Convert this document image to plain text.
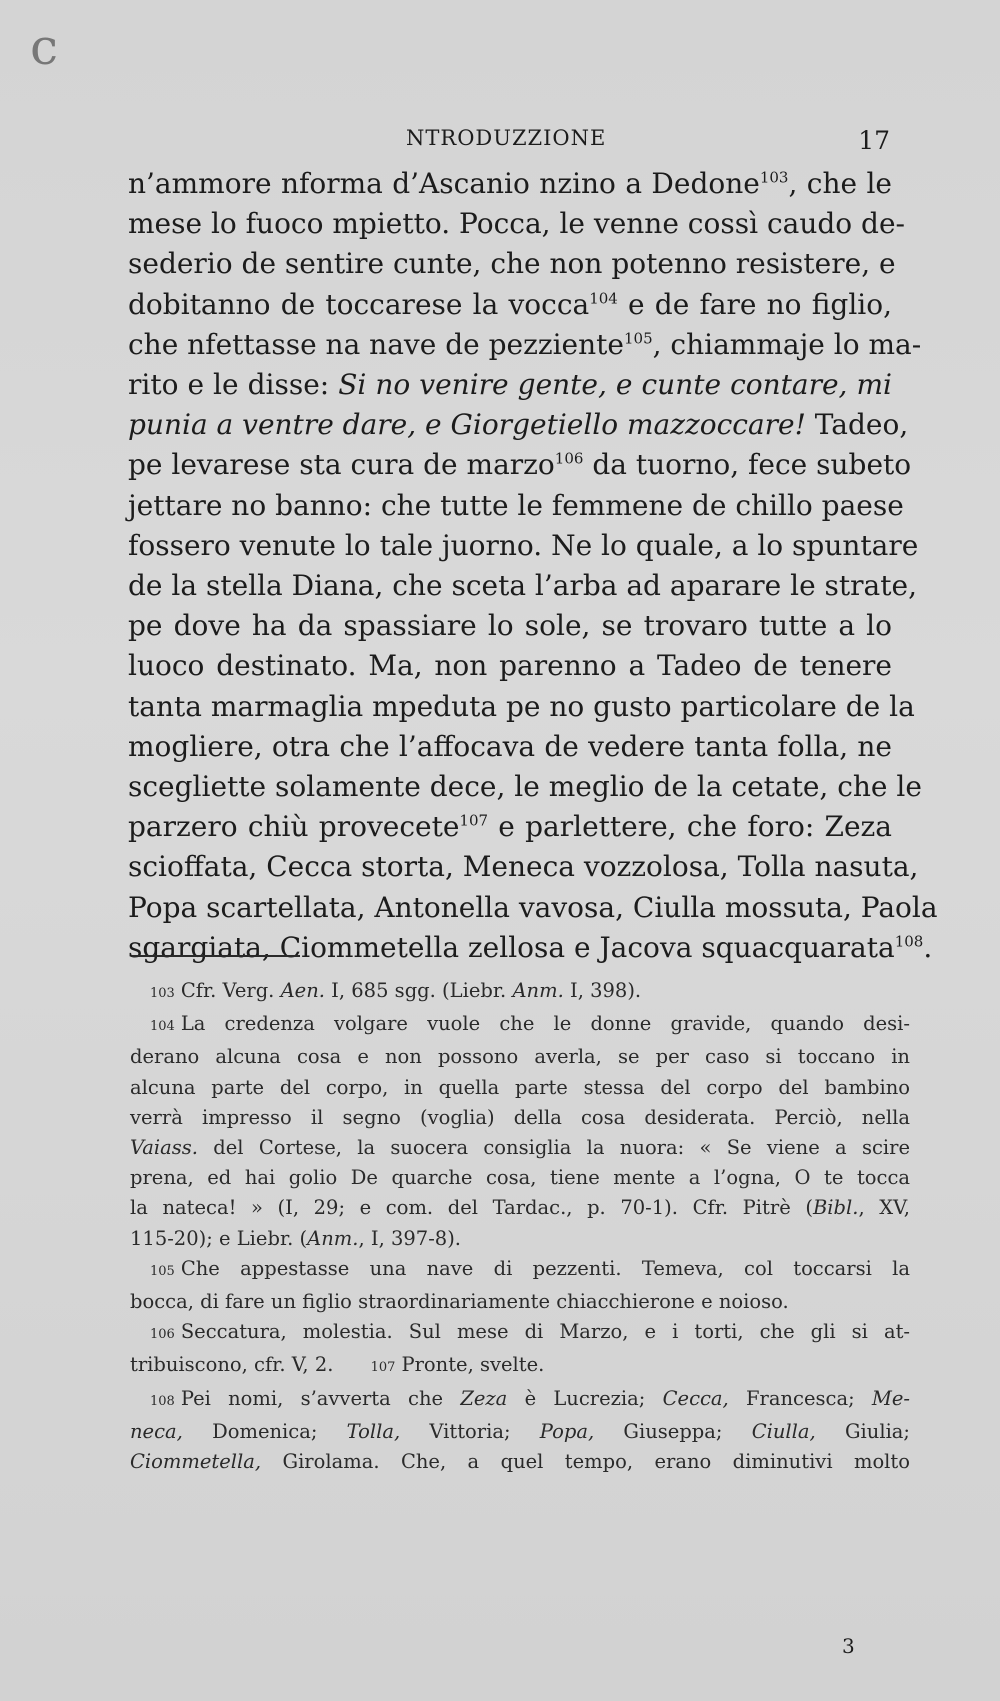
c
NTRODUZZIONE	17
n’ammore nforma d’Ascanio nzino a Dedone$^{103}$, che le
mese lo fuoco mpietto. Pocca, le venne cossì caudo de-
sederio de sentire cunte, che non potenno resistere, e
dobitanno de toccarese la vocca$^{104}$ e de fare no figlio,
che nfettasse na nave de pezziente$^{105}$, chiammaje lo ma-
rito e le disse: Si no venire gente, e cunte contare, mi
punia a ventre dare, e Giorgetiello mazzoccare! Tadeo,
pe levarese sta cura de marzo$^{106}$ da tuorno, fece subeto
jettare no banno: che tutte le femmene de chillo paese
fossero venute lo tale juorno. Ne lo quale, a lo spuntare
de la stella Diana, che sceta l’arba ad aparare le strate,
pe dove ha da spassiare lo sole, se trovaro tutte a lo
luoco destinato. Ma, non parenno a Tadeo de tenere
tanta marmaglia mpeduta pe no gusto particolare de la
mogliere, otra che l’affocava de vedere tanta folla, ne
scegliette solamente dece, le meglio de la cetate, che le
parzero chiù provecete$^{107}$ e parlettere, che foro: Zeza
scioffata, Cecca storta, Meneca vozzolosa, Tolla nasuta,
Popa scartellata, Antonella vavosa, Ciulla mossuta, Paola
sgargiata, Ciommetella zellosa e Jacova squacquarata$^{108}$.
103 Cfr. Verg. Aen. I, 685 sgg. (Liebr. Anm. I, 398).
104 La credenza volgare vuole che le donne gravide, quando desi-
derano alcuna cosa e non possono averla, se per caso si toccano in
alcuna parte del corpo, in quella parte stessa del corpo del bambino
verrà impresso il segno (voglia) della cosa desiderata. Perciò, nella
Vaiass. del Cortese, la suocera consiglia la nuora: « Se viene a scire
prena, ed hai golio De quarche cosa, tiene mente a l’ogna, O te tocca
la nateca! » (I, 29; e com. del Tardac., p. 70-1). Cfr. Pitrè (Bibl., XV,
115-20); e Liebr. (Anm., I, 397-8).
105 Che appestasse una nave di pezzenti. Temeva, col toccarsi la
bocca, di fare un figlio straordinariamente chiacchierone e noioso.
106 Seccatura, molestia. Sul mese di Marzo, e i torti, che gli si at-
tribuiscono, cfr. V, 2.	107 Pronte, svelte.
108 Pei nomi, s’avverta che Zeza è Lucrezia; Cecca, Francesca; Me-
neca, Domenica; Tolla, Vittoria; Popa, Giuseppa; Ciulla, Giulia;
Ciommetella, Girolama. Che, a quel tempo, erano diminutivi molto
3
